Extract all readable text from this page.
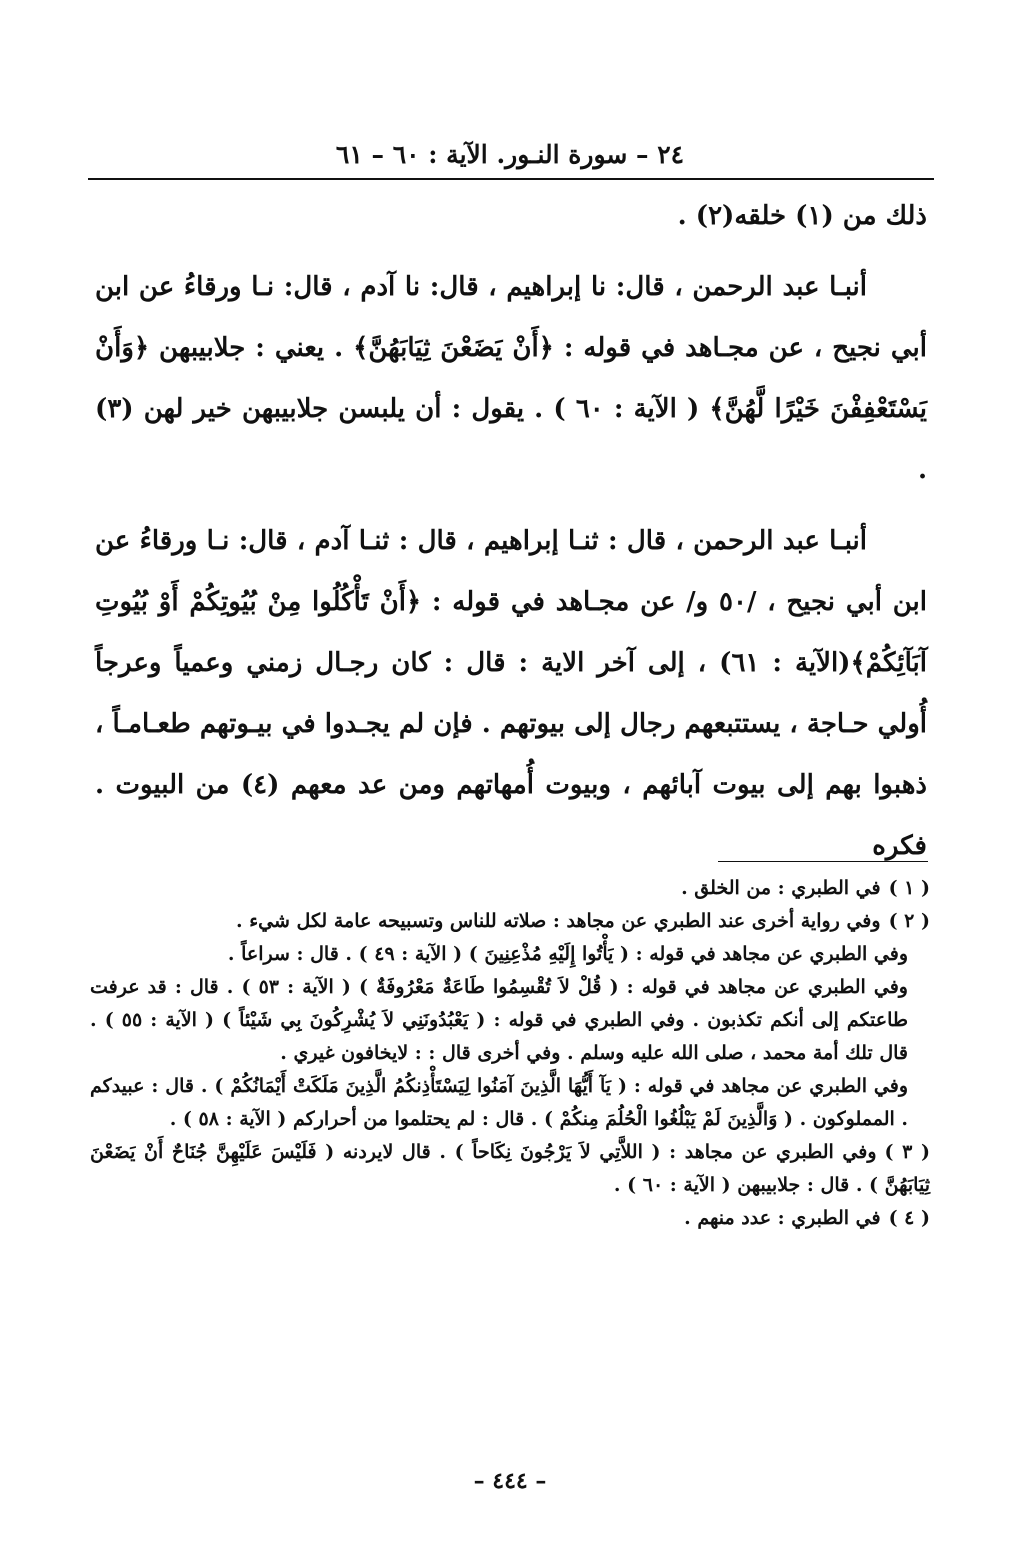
٢٤ – سورة النـور. الآية : ٦٠ – ٦١

ذلك من (١) خلقه(٢) .

أنبـا عبد الرحمن ، قال: نا إبراهيم ، قال: نا آدم ، قال: نـا ورقاءُ عن ابن أبي نجيح ، عن مجـاهد في قوله : ﴿أَنْ يَضَعْنَ ثِيَابَهُنَّ﴾ . يعني : جلابيبهن ﴿وَأَنْ يَسْتَعْفِفْنَ خَيْرًا لَّهُنَّ﴾ ( الآية : ٦٠ ) . يقول : أن يلبسن جلابيبهن خير لهن (٣) .

أنبـا عبد الرحمن ، قال : ثنـا إبراهيم ، قال : ثنـا آدم ، قال: نـا ورقاءُ عن ابن أبي نجيح ، /٥٠ و/ عن مجـاهد في قوله : ﴿أَنْ تَأْكُلُوا مِنْ بُيُوتِكُمْ أَوْ بُيُوتِ آبَآئِكُمْ﴾(الآية : ٦١) ، إلى آخر الاية : قال : كان رجـال زمني وعمياً وعرجاً أُولي حـاجة ، يستتبعهم رجال إلى بيوتهم . فإن لم يجـدوا في بيـوتهم طعـامـاً ، ذهبوا بهم إلى بيوت آبائهم ، وبيوت أُمهاتهم ومن عد معهم (٤) من البيوت . فكره

( ١ )في الطبري : من الخلق .

( ٢ )وفي رواية أخرى عند الطبري عن مجاهد : صلاته للناس وتسبيحه عامة لكل شيء .

وفي الطبري عن مجاهد في قوله : ( يَأْتُوا إِلَيْهِ مُذْعِنِينَ ) ( الآية : ٤٩ ) . قال : سراعاً .

وفي الطبري عن مجاهد في قوله : ( قُلْ لاَ تُقْسِمُوا طَاعَةٌ مَعْرُوفَةٌ ) ( الآية : ٥٣ ) . قال : قد عرفت طاعتكم إلى أنكم تكذبون . وفي الطبري في قوله : ( يَعْبُدُونَنِي لاَ يُشْرِكُونَ بِي شَيْئاً ) ( الآية : ٥٥ ) . قال تلك أمة محمد ، صلى الله عليه وسلم . وفي أخرى قال : : لايخافون غيري .

وفي الطبري عن مجاهد في قوله : ( يَآ أَيُّهَا الَّذِينَ آمَنُوا لِيَسْتَأْذِنكُمُ الَّذِينَ مَلَكَتْ أَيْمَانُكُمْ ) . قال : عبيدكم . المملوكون . ( وَالَّذِينَ لَمْ يَبْلُغُوا الْحُلُمَ مِنكُمْ ) . قال : لم يحتلموا من أحراركم ( الآية : ٥٨ ) .

( ٣ )وفي الطبري عن مجاهد : ( اللاَّتِي لاَ يَرْجُونَ نِكَاحاً ) . قال لايردنه ( فَلَيْسَ عَلَيْهِنَّ جُنَاحٌ أَنْ يَضَعْنَ ثِيَابَهُنَّ ) . قال : جلابيبهن ( الآية : ٦٠ ) .

( ٤ )في الطبري : عدد منهم .

– ٤٤٤ –
